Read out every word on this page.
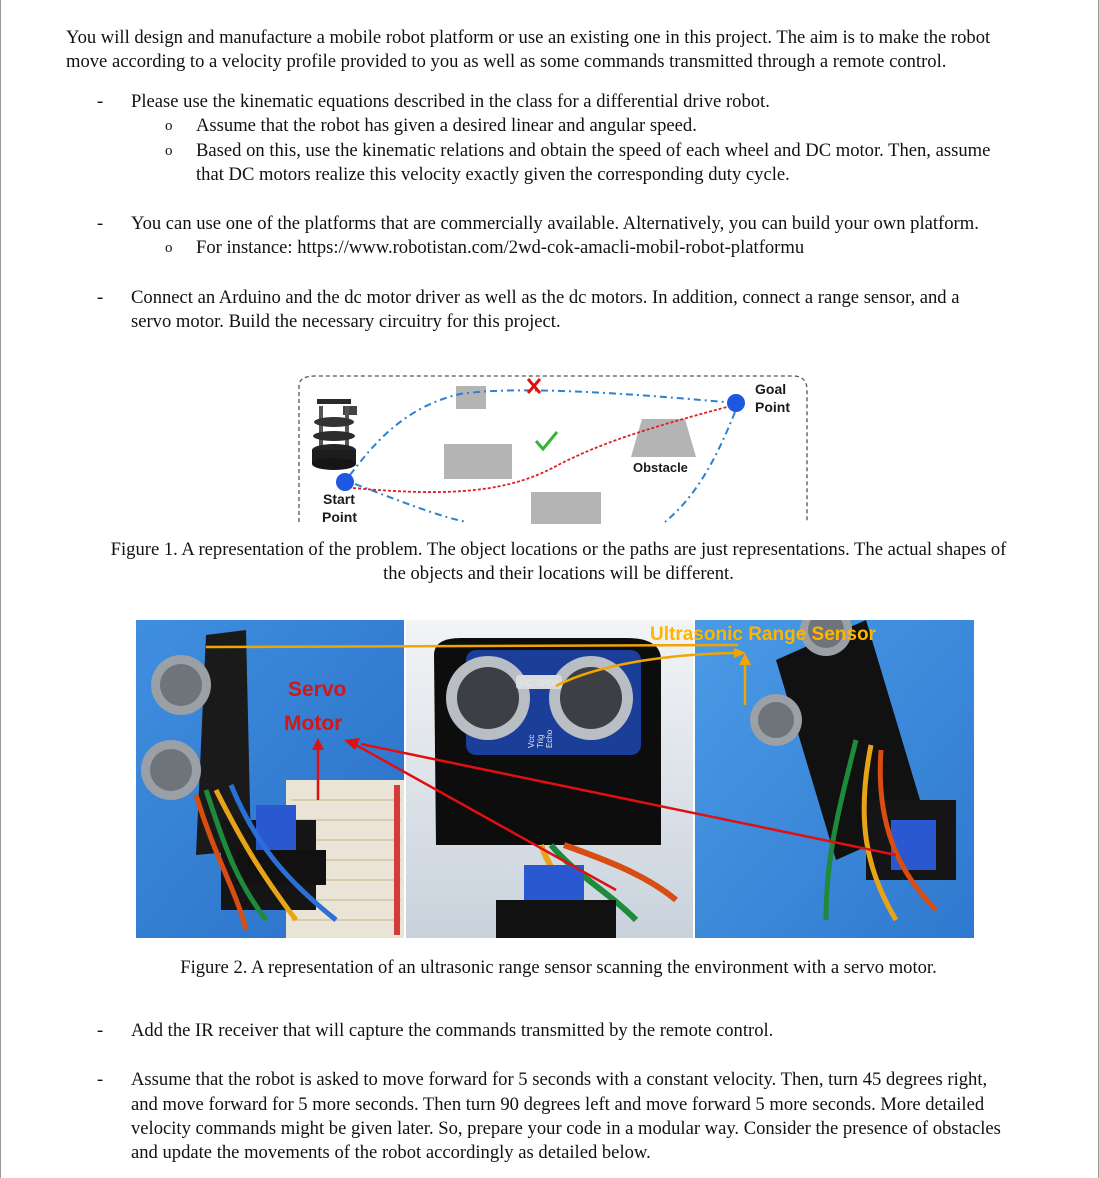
You will design and manufacture a mobile robot platform or use an existing one in this project. The aim is to make the robot
move according to a velocity profile provided to you as well as some commands transmitted through a remote control.
- Please use the kinematic equations described in the class for a differential drive robot.
o Assume that the robot has given a desired linear and angular speed.
o Based on this, use the kinematic relations and obtain the speed of each wheel and DC motor. Then, assume
that DC motors realize this velocity exactly given the corresponding duty cycle.
- You can use one of the platforms that are commercially available. Alternatively, you can build your own platform.
o For instance: https://www.robotistan.com/2wd-cok-amacli-mobil-robot-platformu
- Connect an Arduino and the dc motor driver as well as the dc motors. In addition, connect a range sensor, and a
servo motor. Build the necessary circuitry for this project.
Goal
Point
Obstacle
Start
Point
Figure 1. A representation of the problem. The object locations or the paths are just representations. The actual shapes of
the objects and their locations will be different.
HC-SR04
Vcc Trig Echo
Ultrasonic Range Sensor
Servo
Motor
Figure 2. A representation of an ultrasonic range sensor scanning the environment with a servo motor.
- Add the IR receiver that will capture the commands transmitted by the remote control.
- Assume that the robot is asked to move forward for 5 seconds with a constant velocity. Then, turn 45 degrees right,
and move forward for 5 more seconds. Then turn 90 degrees left and move forward 5 more seconds. More detailed
velocity commands might be given later. So, prepare your code in a modular way. Consider the presence of obstacles
and update the movements of the robot accordingly as detailed below.
